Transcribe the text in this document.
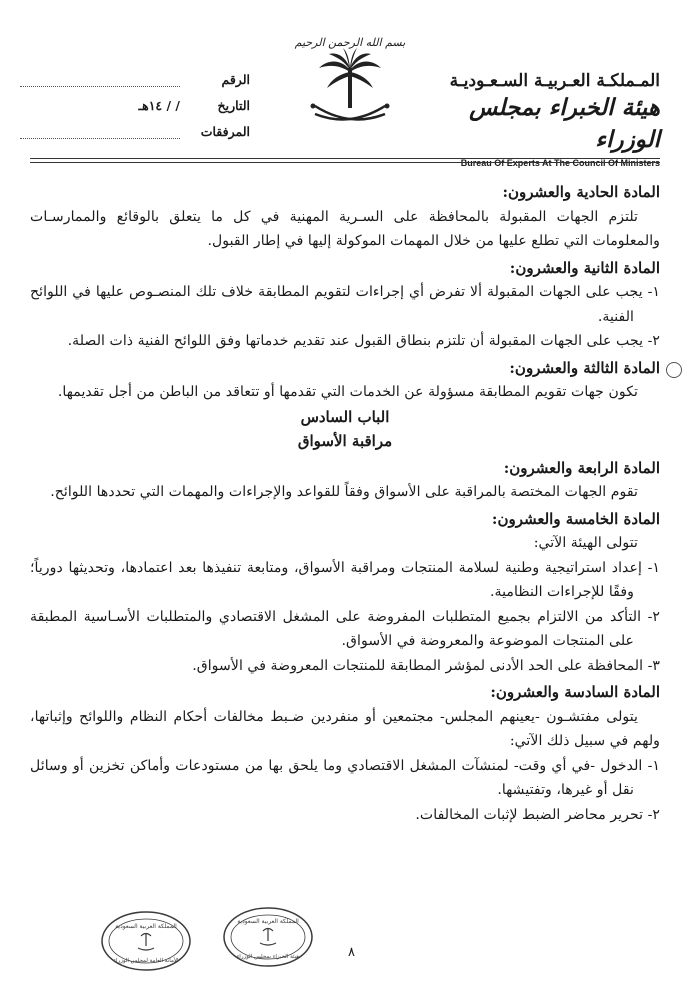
بسم الله الرحمن الرحيم
المـملكـة العـربيـة السـعـوديـة
هيئة الخبراء بمجلس الوزراء
Bureau Of Experts At The Council Of Ministers
الرقم
التاريخ
/ / ١٤هـ
المرفقات
المادة الحادية والعشرون:
تلتزم الجهات المقبولة بالمحافظة على السـرية المهنية في كل ما يتعلق بالوقائع والممارسـات والمعلومات التي تطلع عليها من خلال المهمات الموكولة إليها في إطار القبول.
المادة الثانية والعشرون:
١- يجب على الجهات المقبولة ألا تفرض أي إجراءات لتقويم المطابقة خلاف تلك المنصـوص عليها في اللوائح الفنية.
٢- يجب على الجهات المقبولة أن تلتزم بنطاق القبول عند تقديم خدماتها وفق اللوائح الفنية ذات الصلة.
المادة الثالثة والعشرون:
تكون جهات تقويم المطابقة مسؤولة عن الخدمات التي تقدمها أو تتعاقد من الباطن من أجل تقديمها.
الباب السادس
مراقبة الأسواق
المادة الرابعة والعشرون:
تقوم الجهات المختصة بالمراقبة على الأسواق وفقاً للقواعد والإجراءات والمهمات التي تحددها اللوائح.
المادة الخامسة والعشرون:
تتولى الهيئة الآتي:
١- إعداد استراتيجية وطنية لسلامة المنتجات ومراقبة الأسواق، ومتابعة تنفيذها بعد اعتمادها، وتحديثها دورياً؛ وفقًا للإجراءات النظامية.
٢- التأكد من الالتزام بجميع المتطلبات المفروضة على المشغل الاقتصادي والمتطلبات الأسـاسية المطبقة على المنتجات الموضوعة والمعروضة في الأسواق.
٣- المحافظة على الحد الأدنى لمؤشر المطابقة للمنتجات المعروضة في الأسواق.
المادة السادسة والعشرون:
يتولى مفتشـون -يعينهم المجلس- مجتمعين أو منفردين ضـبط مخالفات أحكام النظام واللوائح وإثباتها، ولهم في سبيل ذلك الآتي:
١- الدخول -في أي وقت- لمنشآت المشغل الاقتصادي وما يلحق بها من مستودعات وأماكن تخزين أو وسائل نقل أو غيرها، وتفتيشها.
٢- تحرير محاضر الضبط لإثبات المخالفات.
المملكة العربية السعودية
الأمانة العامة لمجلس الوزراء
المملكة العربية السعودية
هيئة الخبراء بمجلس الوزراء	٨
